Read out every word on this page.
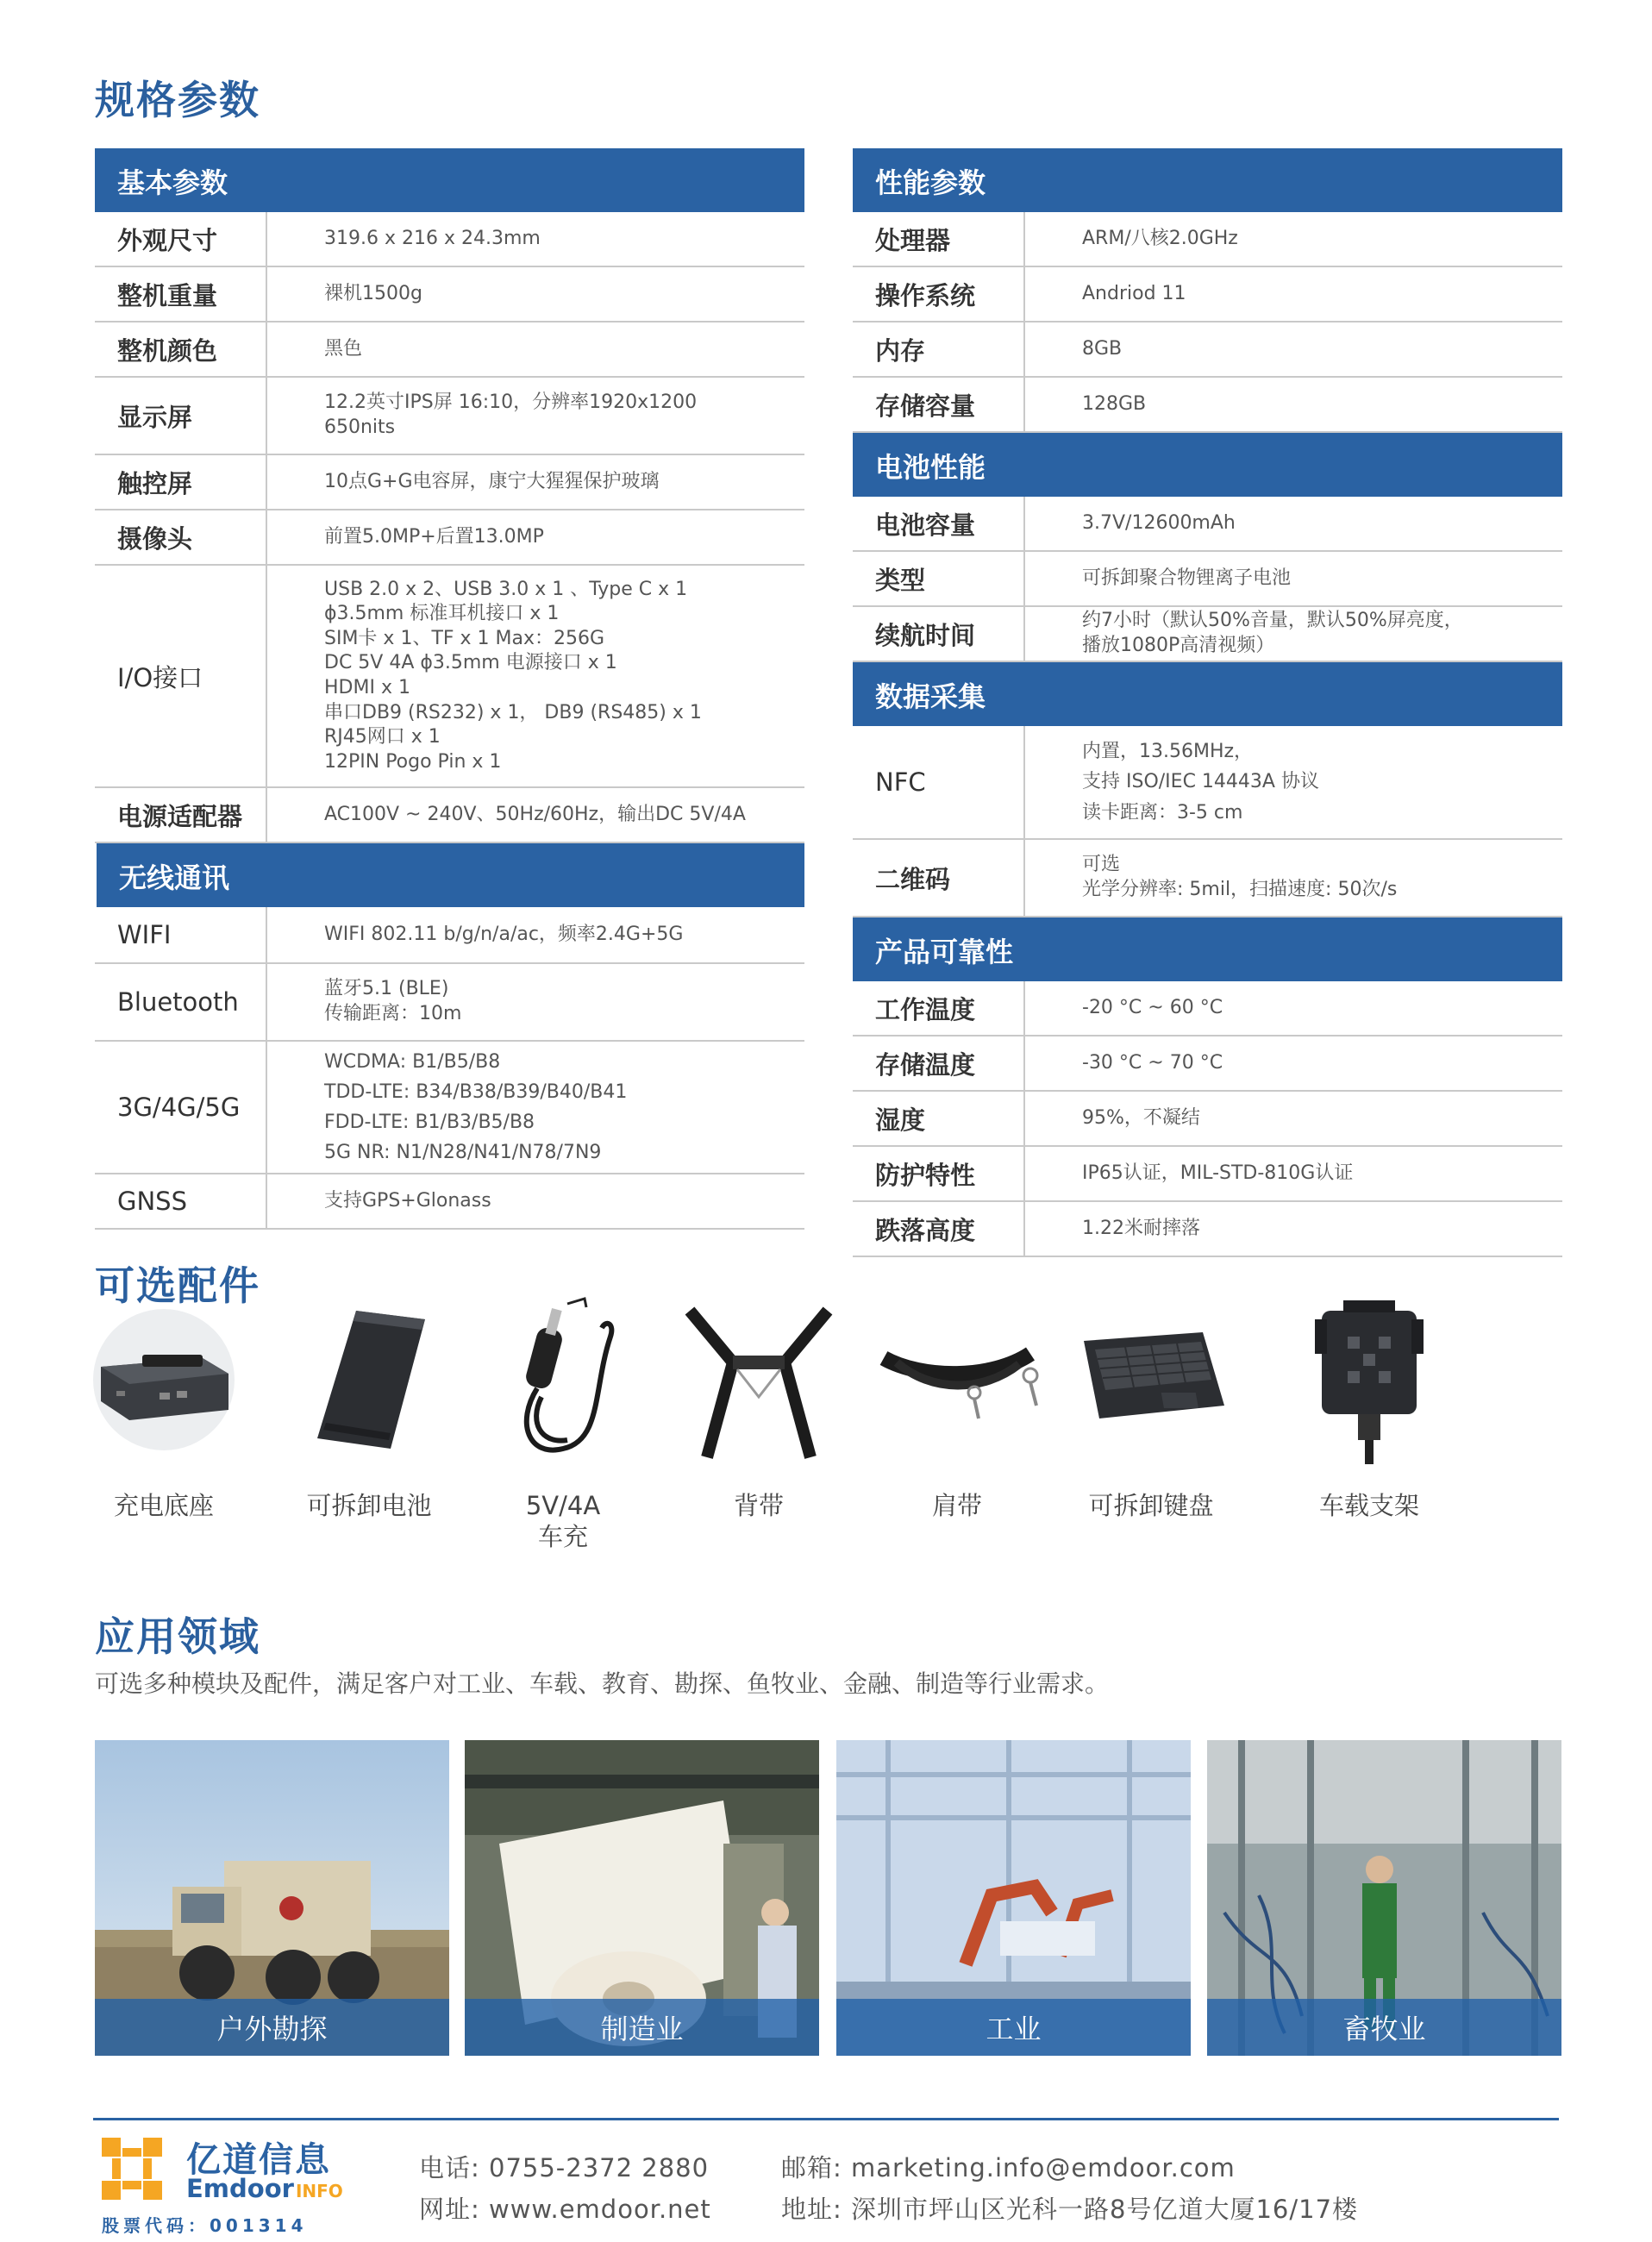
规格参数
基本参数
外观尺寸	319.6 x 216 x 24.3mm
整机重量	裸机1500g
整机颜色	黑色
显示屏	12.2英寸IPS屏 16:10，分辨率1920x1200
650nits
触控屏	10点G+G电容屏，康宁大猩猩保护玻璃
摄像头	前置5.0MP+后置13.0MP
I/O接口
USB 2.0 x 2、USB 3.0 x 1 、Type C x 1
ϕ3.5mm 标准耳机接口 x 1
SIM卡 x 1、TF x 1 Max：256G
DC 5V 4A ϕ3.5mm 电源接口 x 1
HDMI x 1
串口DB9 (RS232) x 1， DB9 (RS485) x 1
RJ45网口 x 1
12PIN Pogo Pin x 1
电源适配器	AC100V ~ 240V、50Hz/60Hz，输出DC 5V/4A
无线通讯
WIFI	WIFI 802.11 b/g/n/a/ac，频率2.4G+5G
Bluetooth	蓝牙5.1 (BLE)
传输距离：10m
3G/4G/5G
WCDMA: B1/B5/B8
TDD-LTE: B34/B38/B39/B40/B41
FDD-LTE: B1/B3/B5/B8
5G NR: N1/N28/N41/N78/7N9
GNSS	支持GPS+Glonass
性能参数
处理器	ARM/八核2.0GHz
操作系统	Andriod 11
内存	8GB
存储容量	128GB
电池性能
电池容量	3.7V/12600mAh
类型	可拆卸聚合物锂离子电池
续航时间	约7小时（默认50%音量，默认50%屏亮度，
播放1080P高清视频）
数据采集
NFC
内置，13.56MHz，
支持 ISO/IEC 14443A 协议
读卡距离：3-5 cm
二维码	可选
光学分辨率: 5mil，扫描速度: 50次/s
产品可靠性
工作温度	-20 °C ~ 60 °C
存储温度	-30 °C ~ 70 °C
湿度	95%，不凝结
防护特性	IP65认证，MIL-STD-810G认证
跌落高度	1.22米耐摔落
可选配件
充电底座	可拆卸电池	5V/4A
车充
背带	肩带	可拆卸键盘	车载支架
应用领域
可选多种模块及配件，满足客户对工业、车载、教育、勘探、鱼牧业、金融、制造等行业需求。
户外勘探	制造业	工业	畜牧业
亿道信息
Emdoor INFO
股票代码：001314
电话: 0755-2372 2880
网址: www.emdoor.net
邮箱: marketing.info@emdoor.com
地址: 深圳市坪山区光科一路8号亿道大厦16/17楼
